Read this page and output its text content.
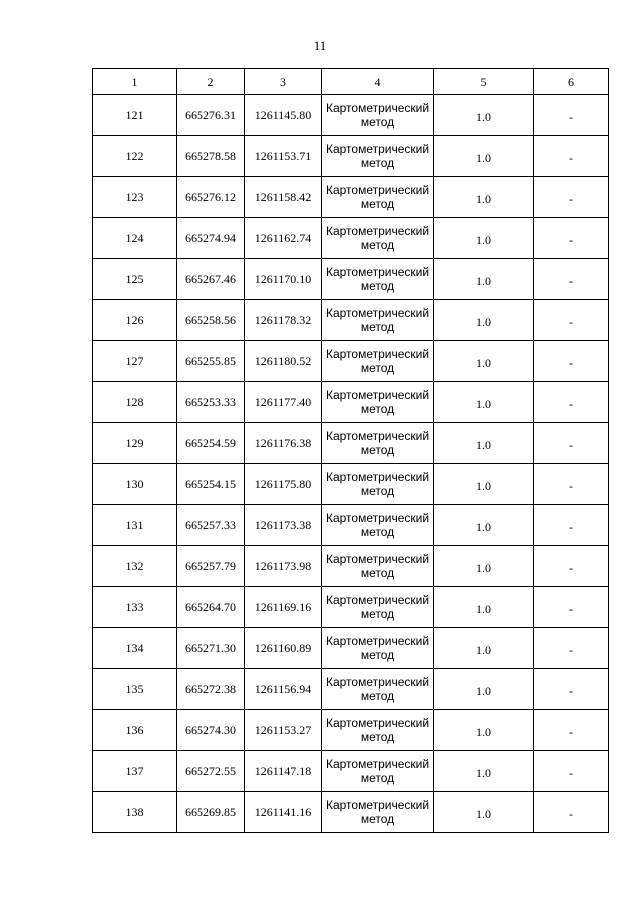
11
1	2	3	4	5	6
121	665276.31	1261145.80	Картометрический метод	1.0	-
122	665278.58	1261153.71	Картометрический метод	1.0	-
123	665276.12	1261158.42	Картометрический метод	1.0	-
124	665274.94	1261162.74	Картометрический метод	1.0	-
125	665267.46	1261170.10	Картометрический метод	1.0	-
126	665258.56	1261178.32	Картометрический метод	1.0	-
127	665255.85	1261180.52	Картометрический метод	1.0	-
128	665253.33	1261177.40	Картометрический метод	1.0	-
129	665254.59	1261176.38	Картометрический метод	1.0	-
130	665254.15	1261175.80	Картометрический метод	1.0	-
131	665257.33	1261173.38	Картометрический метод	1.0	-
132	665257.79	1261173.98	Картометрический метод	1.0	-
133	665264.70	1261169.16	Картометрический метод	1.0	-
134	665271.30	1261160.89	Картометрический метод	1.0	-
135	665272.38	1261156.94	Картометрический метод	1.0	-
136	665274.30	1261153.27	Картометрический метод	1.0	-
137	665272.55	1261147.18	Картометрический метод	1.0	-
138	665269.85	1261141.16	Картометрический метод	1.0	-
